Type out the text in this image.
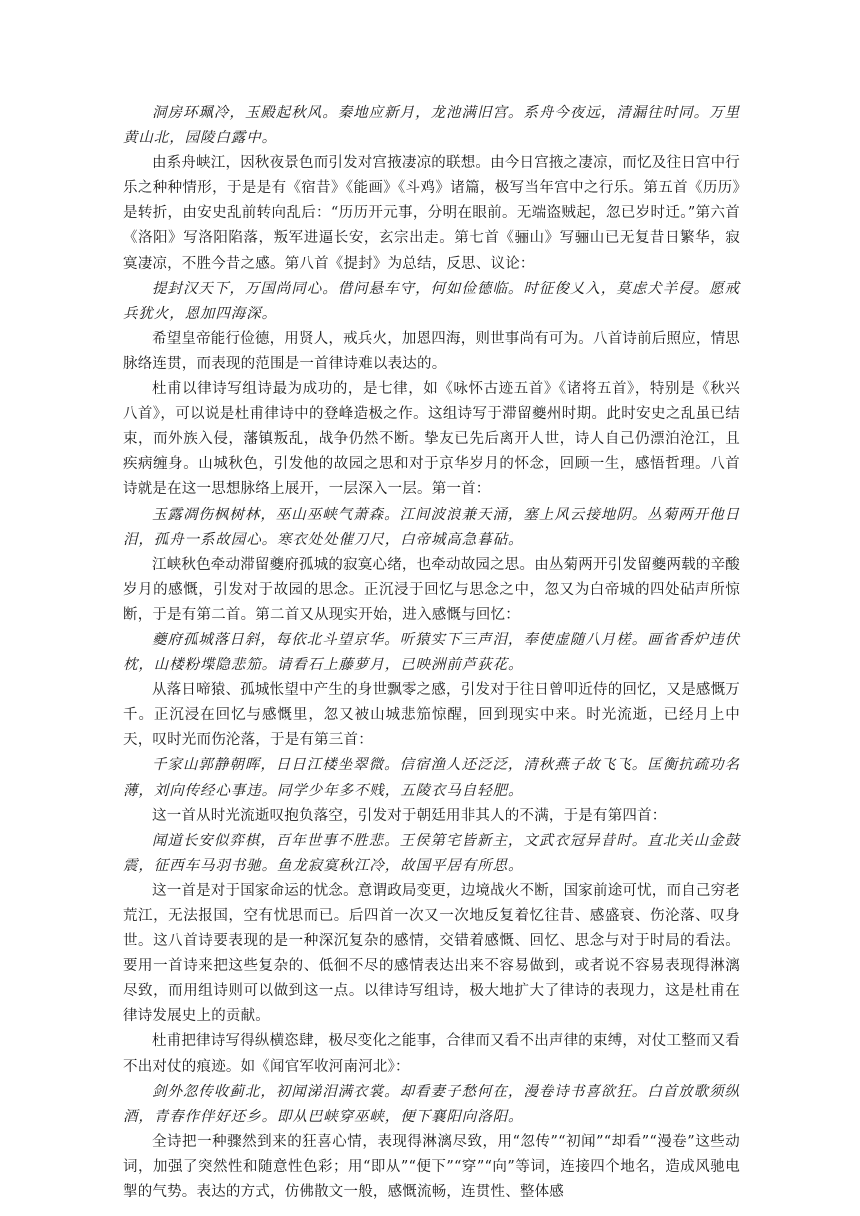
洞房环珮冷，玉殿起秋风。秦地应新月，龙池满旧宫。系舟今夜远，清漏往时同。万里黄山北，园陵白露中。

由系舟峡江，因秋夜景色而引发对宫掖凄凉的联想。由今日宫掖之凄凉，而忆及往日宫中行乐之种种情形，于是是有《宿昔》《能画》《斗鸡》诸篇，极写当年宫中之行乐。第五首《历历》是转折，由安史乱前转向乱后：“历历开元事，分明在眼前。无端盗贼起，忽已岁时迁。”第六首《洛阳》写洛阳陷落，叛军进逼长安，玄宗出走。第七首《骊山》写骊山已无复昔日繁华，寂寞凄凉，不胜今昔之感。第八首《提封》为总结，反思、议论：

提封汉天下，万国尚同心。借问悬车守，何如俭德临。时征俊乂入，莫虑犬羊侵。愿戒兵犹火，恩加四海深。

希望皇帝能行俭德，用贤人，戒兵火，加恩四海，则世事尚有可为。八首诗前后照应，情思脉络连贯，而表现的范围是一首律诗难以表达的。

杜甫以律诗写组诗最为成功的，是七律，如《咏怀古迹五首》《诸将五首》，特别是《秋兴八首》，可以说是杜甫律诗中的登峰造极之作。这组诗写于滞留夔州时期。此时安史之乱虽已结束，而外族入侵，藩镇叛乱，战争仍然不断。挚友已先后离开人世，诗人自己仍漂泊沧江，且疾病缠身。山城秋色，引发他的故园之思和对于京华岁月的怀念，回顾一生，感悟哲理。八首诗就是在这一思想脉络上展开，一层深入一层。第一首：

玉露凋伤枫树林，巫山巫峡气萧森。江间波浪兼天涌，塞上风云接地阴。丛菊两开他日泪，孤舟一系故园心。寒衣处处催刀尺，白帝城高急暮砧。

江峡秋色牵动滞留夔府孤城的寂寞心绪，也牵动故园之思。由丛菊两开引发留夔两载的辛酸岁月的感慨，引发对于故园的思念。正沉浸于回忆与思念之中，忽又为白帝城的四处砧声所惊断，于是有第二首。第二首又从现实开始，进入感慨与回忆：

夔府孤城落日斜，每依北斗望京华。听猿实下三声泪，奉使虚随八月槎。画省香炉违伏枕，山楼粉堞隐悲笳。请看石上藤萝月，已映洲前芦荻花。

从落日啼猿、孤城怅望中产生的身世飘零之感，引发对于往日曾叩近侍的回忆，又是感慨万千。正沉浸在回忆与感慨里，忽又被山城悲笳惊醒，回到现实中来。时光流逝，已经月上中天，叹时光而伤沦落，于是有第三首：

千家山郭静朝晖，日日江楼坐翠微。信宿渔人还泛泛，清秋燕子故飞飞。匡衡抗疏功名薄，刘向传经心事违。同学少年多不贱，五陵衣马自轻肥。

这一首从时光流逝叹抱负落空，引发对于朝廷用非其人的不满，于是有第四首：

闻道长安似弈棋，百年世事不胜悲。王侯第宅皆新主，文武衣冠异昔时。直北关山金鼓震，征西车马羽书驰。鱼龙寂寞秋江冷，故国平居有所思。

这一首是对于国家命运的忧念。意谓政局变更，边境战火不断，国家前途可忧，而自己穷老荒江，无法报国，空有忧思而已。后四首一次又一次地反复着忆往昔、感盛衰、伤沦落、叹身世。这八首诗要表现的是一种深沉复杂的感情，交错着感慨、回忆、思念与对于时局的看法。要用一首诗来把这些复杂的、低徊不尽的感情表达出来不容易做到，或者说不容易表现得淋漓尽致，而用组诗则可以做到这一点。以律诗写组诗，极大地扩大了律诗的表现力，这是杜甫在律诗发展史上的贡献。

杜甫把律诗写得纵横恣肆，极尽变化之能事，合律而又看不出声律的束缚，对仗工整而又看不出对仗的痕迹。如《闻官军收河南河北》：

剑外忽传收蓟北，初闻涕泪满衣裳。却看妻子愁何在，漫卷诗书喜欲狂。白首放歌须纵酒，青春作伴好还乡。即从巴峡穿巫峡，便下襄阳向洛阳。

全诗把一种骤然到来的狂喜心情，表现得淋漓尽致，用“忽传”“初闻”“却看”“漫卷”这些动词，加强了突然性和随意性色彩；用“即从”“便下”“穿”“向”等词，连接四个地名，造成风驰电掣的气势。表达的方式，仿佛散文一般，感慨流畅，连贯性、整体感
